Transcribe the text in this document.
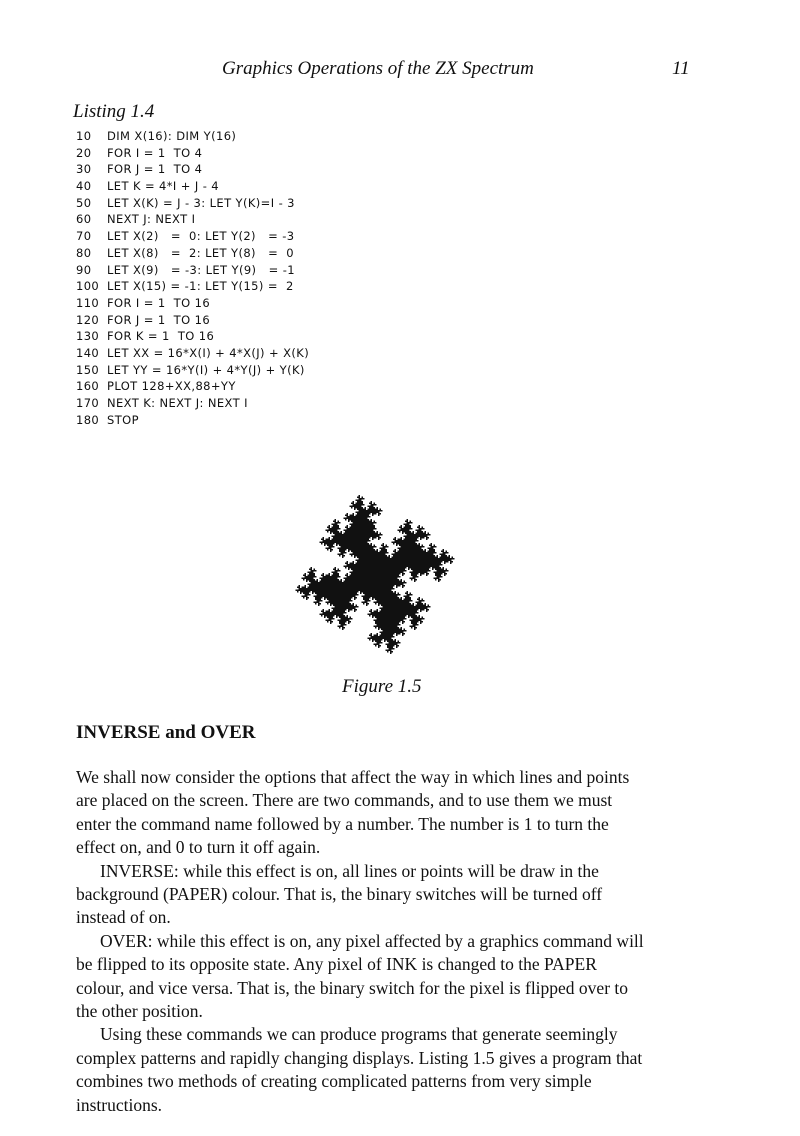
Graphics Operations of the ZX Spectrum	11
Listing 1.4
10 DIM X(16): DIM Y(16)
20 FOR I = 1  TO 4
30 FOR J = 1  TO 4
40 LET K = 4*I + J - 4
50 LET X(K) = J - 3: LET Y(K)=I - 3
60 NEXT J: NEXT I
70 LET X(2)   =  0: LET Y(2)   = -3
80 LET X(8)   =  2: LET Y(8)   =  0
90 LET X(9)   = -3: LET Y(9)   = -1
100 LET X(15) = -1: LET Y(15) =  2
110 FOR I = 1  TO 16
120 FOR J = 1  TO 16
130 FOR K = 1  TO 16
140 LET XX = 16*X(I) + 4*X(J) + X(K)
150 LET YY = 16*Y(I) + 4*Y(J) + Y(K)
160 PLOT 128+XX,88+YY
170 NEXT K: NEXT J: NEXT I
180 STOP
Figure 1.5
INVERSE and OVER

We shall now consider the options that affect the way in which lines and points

are placed on the screen. There are two commands, and to use them we must

enter the command name followed by a number. The number is 1 to turn the

effect on, and 0 to turn it off again.

INVERSE: while this effect is on, all lines or points will be draw in the

background (PAPER) colour. That is, the binary switches will be turned off

instead of on.

OVER: while this effect is on, any pixel affected by a graphics command will

be flipped to its opposite state. Any pixel of INK is changed to the PAPER

colour, and vice versa. That is, the binary switch for the pixel is flipped over to

the other position.

Using these commands we can produce programs that generate seemingly

complex patterns and rapidly changing displays. Listing 1.5 gives a program that

combines two methods of creating complicated patterns from very simple

instructions.
